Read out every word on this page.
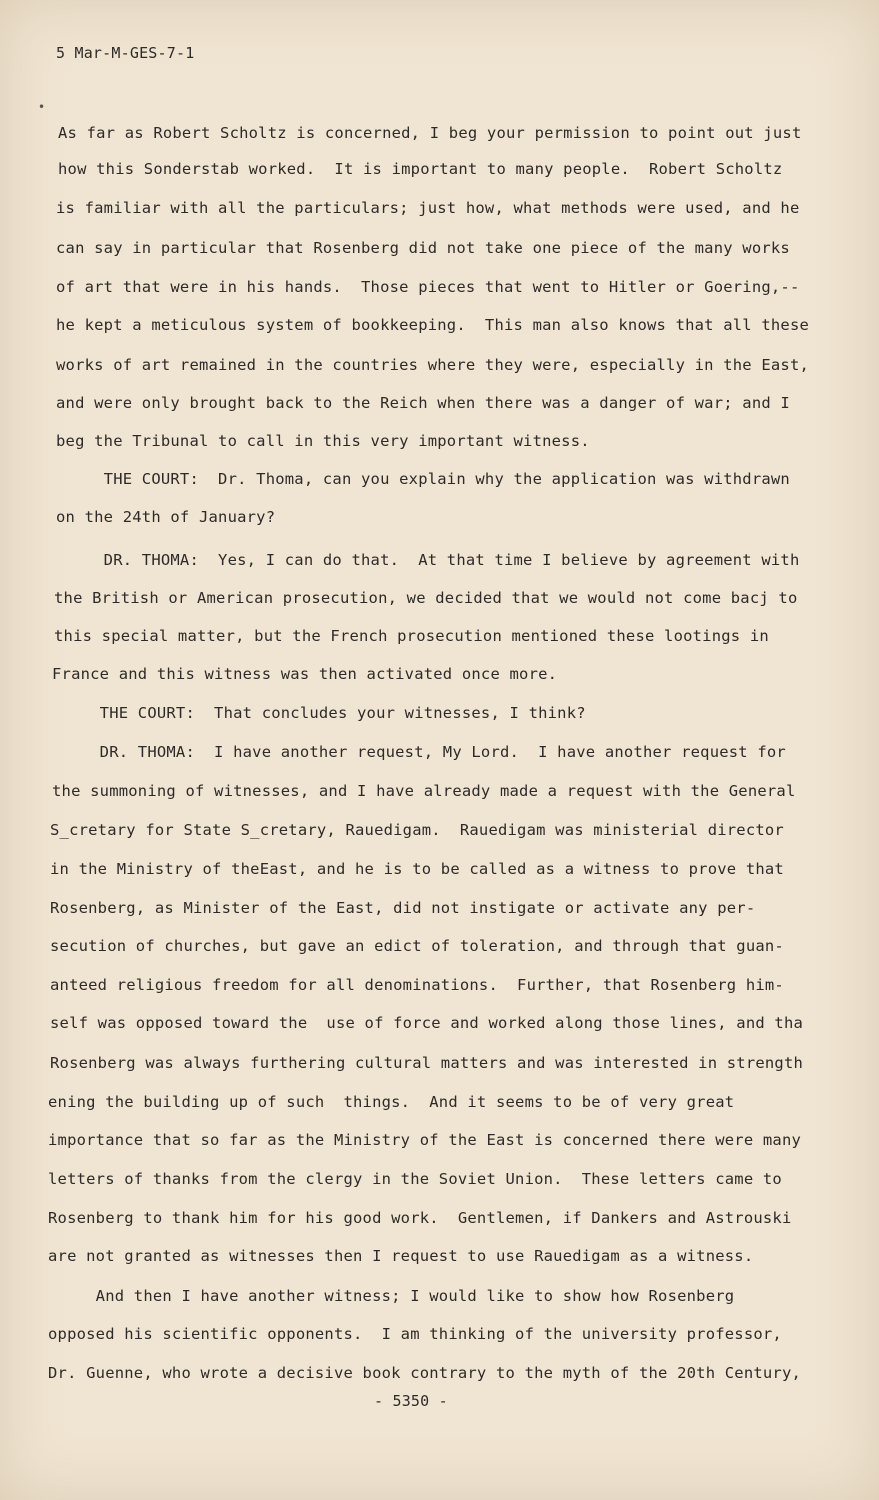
5 Mar-M-GES-7-1
•
As far as Robert Scholtz is concerned, I beg your permission to point out just
how this Sonderstab worked.  It is important to many people.  Robert Scholtz
is familiar with all the particulars; just how, what methods were used, and he
can say in particular that Rosenberg did not take one piece of the many works
of art that were in his hands.  Those pieces that went to Hitler or Goering,--
he kept a meticulous system of bookkeeping.  This man also knows that all these
works of art remained in the countries where they were, especially in the East,
and were only brought back to the Reich when there was a danger of war; and I
beg the Tribunal to call in this very important witness.
THE COURT:  Dr. Thoma, can you explain why the application was withdrawn
on the 24th of January?
DR. THOMA:  Yes, I can do that.  At that time I believe by agreement with
the British or American prosecution, we decided that we would not come bacj to
this special matter, but the French prosecution mentioned these lootings in
France and this witness was then activated once more.
THE COURT:  That concludes your witnesses, I think?
DR. THOMA:  I have another request, My Lord.  I have another request for
the summoning of witnesses, and I have already made a request with the General
S_cretary for State S_cretary, Rauedigam.  Rauedigam was ministerial director
in the Ministry of theEast, and he is to be called as a witness to prove that
Rosenberg, as Minister of the East, did not instigate or activate any per-
secution of churches, but gave an edict of toleration, and through that guan-
anteed religious freedom for all denominations.  Further, that Rosenberg him-
self was opposed toward the  use of force and worked along those lines, and tha
Rosenberg was always furthering cultural matters and was interested in strength
ening the building up of such  things.  And it seems to be of very great
importance that so far as the Ministry of the East is concerned there were many
letters of thanks from the clergy in the Soviet Union.  These letters came to
Rosenberg to thank him for his good work.  Gentlemen, if Dankers and Astrouski
are not granted as witnesses then I request to use Rauedigam as a witness.
And then I have another witness; I would like to show how Rosenberg
opposed his scientific opponents.  I am thinking of the university professor,
Dr. Guenne, who wrote a decisive book contrary to the myth of the 20th Century,
- 5350 -
